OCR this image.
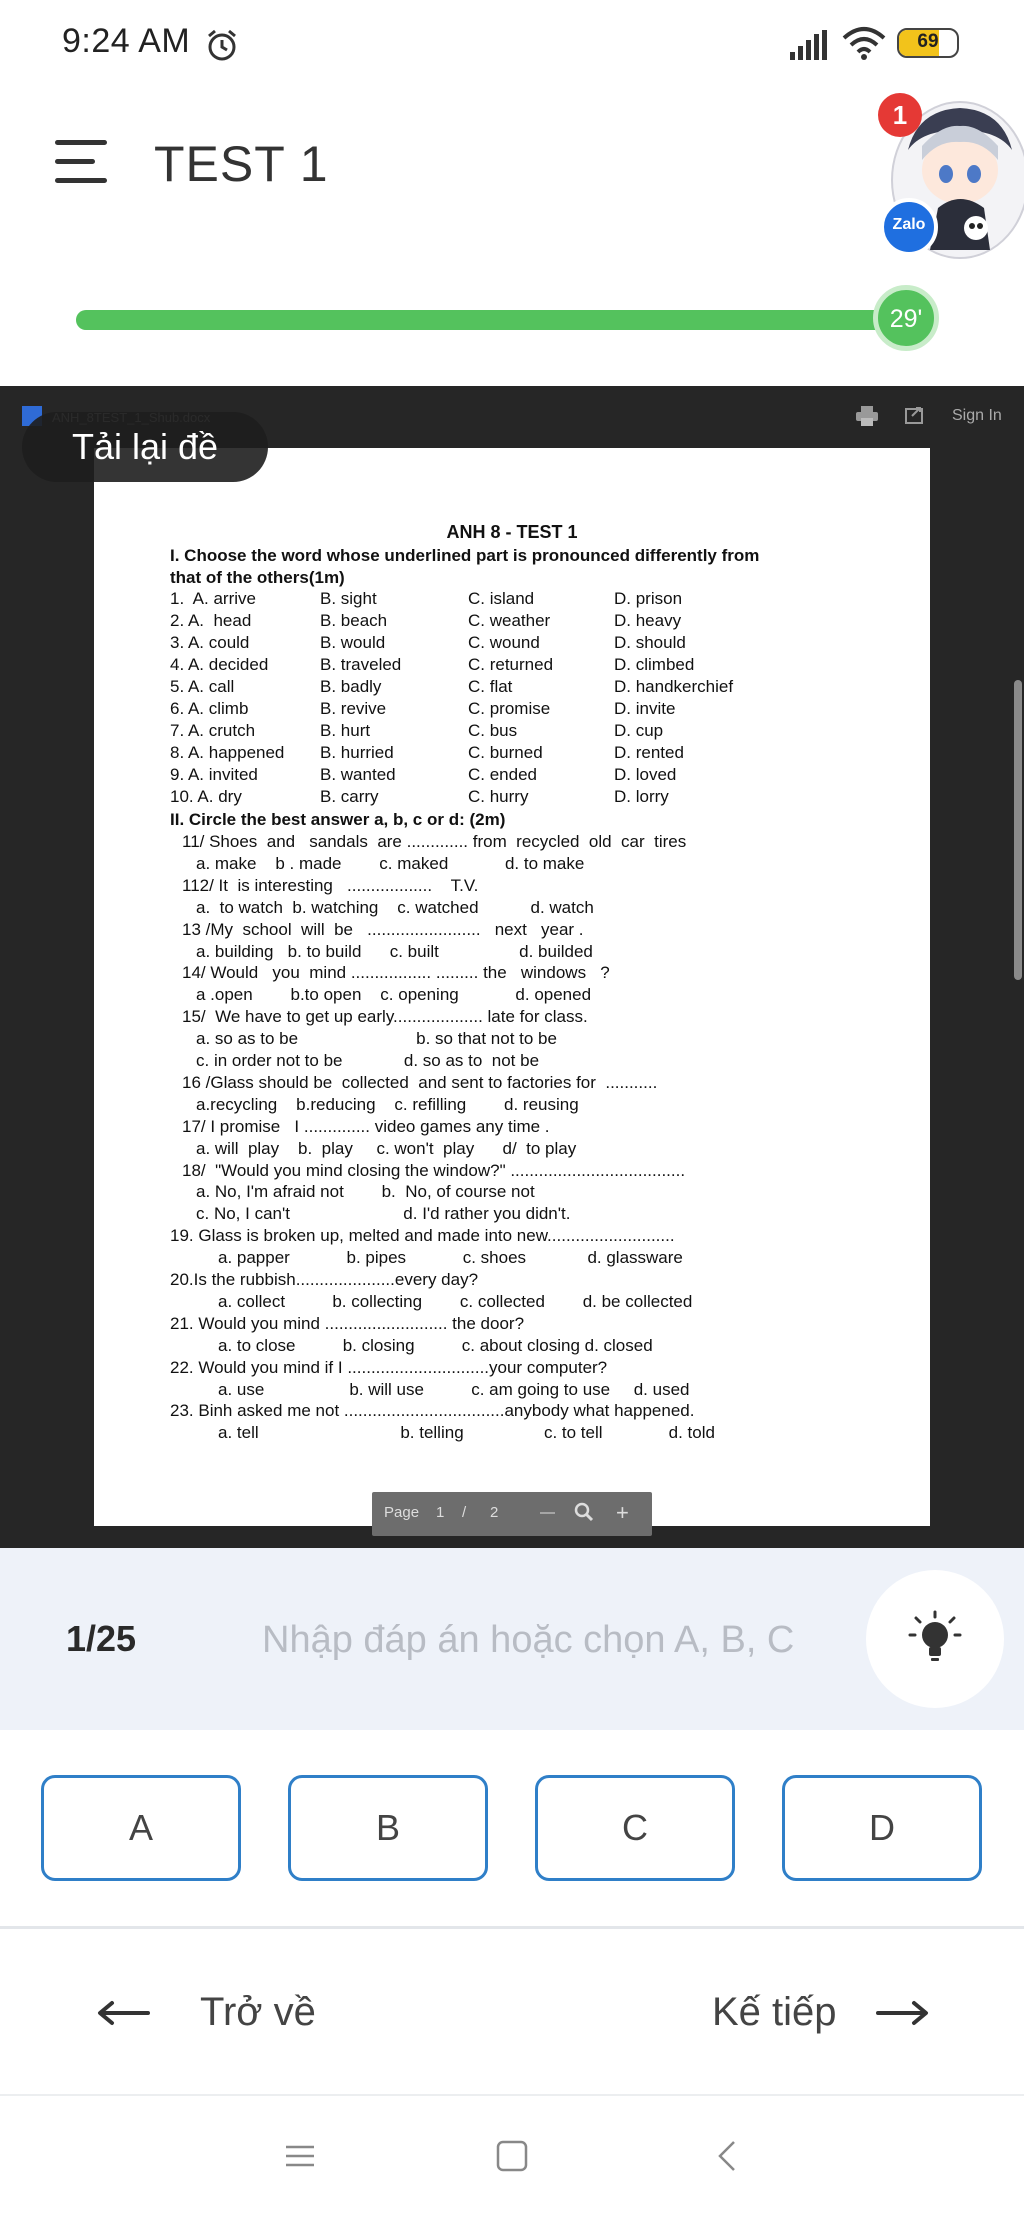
9:24 AM	69
TEST 1
Zalo
1
29'
Sign In
ANH 8 - TEST 1
I. Choose the word whose underlined part is pronounced differently from
that of the others(1m)
1.  A. arrive	B. sight	C. island	D. prison
2. A.  head	B. beach	C. weather	D. heavy
3. A. could	B. would	C. wound	D. should
4. A. decided	B. traveled	C. returned	D. climbed
5. A. call	B. badly	C. flat	D. handkerchief
6. A. climb	B. revive	C. promise	D. invite
7. A. crutch	B. hurt	C. bus	D. cup
8. A. happened B. hurried	C. burned	D. rented
9. A. invited	B. wanted	C. ended	D. loved
10. A. dry	B. carry	C. hurry	D. lorry
II. Circle the best answer a, b, c or d: (2m)
11/ Shoes  and   sandals  are ............. from  recycled  old  car  tires
a. make    b . made        c. maked            d. to make
112/ It  is interesting   ..................    T.V.
a.  to watch  b. watching    c. watched           d. watch
13 /My  school  will  be   ........................   next   year .
a. building   b. to build      c. built                 d. builded
14/ Would   you  mind ................. ......... the   windows   ?
a .open        b.to open    c. opening            d. opened
15/  We have to get up early................... late for class.
a. so as to be                         b. so that not to be
c. in order not to be             d. so as to  not be
16 /Glass should be  collected  and sent to factories for  ...........
a.recycling    b.reducing    c. refilling        d. reusing
17/ I promise   I .............. video games any time .
a. will  play    b.  play     c. won't  play      d/  to play
18/  "Would you mind closing the window?" .....................................
a. No, I'm afraid not        b.  No, of course not
c. No, I can't                        d. I'd rather you didn't.
19. Glass is broken up, melted and made into new...........................
a. papper            b. pipes            c. shoes             d. glassware
20.Is the rubbish.....................every day?
a. collect          b. collecting        c. collected        d. be collected
21. Would you mind .......................... the door?
a. to close          b. closing          c. about closing d. closed
22. Would you mind if I ..............................your computer?
a. use                  b. will use          c. am going to use     d. used
23. Binh asked me not ..................................anybody what happened.
a. tell                              b. telling                 c. to tell              d. told
Tải lại đề
Page 1 / 2	—	+
1/25
Nhập đáp án hoặc chọn A, B, C
A	B	C	D
Trở về	Kế tiếp
